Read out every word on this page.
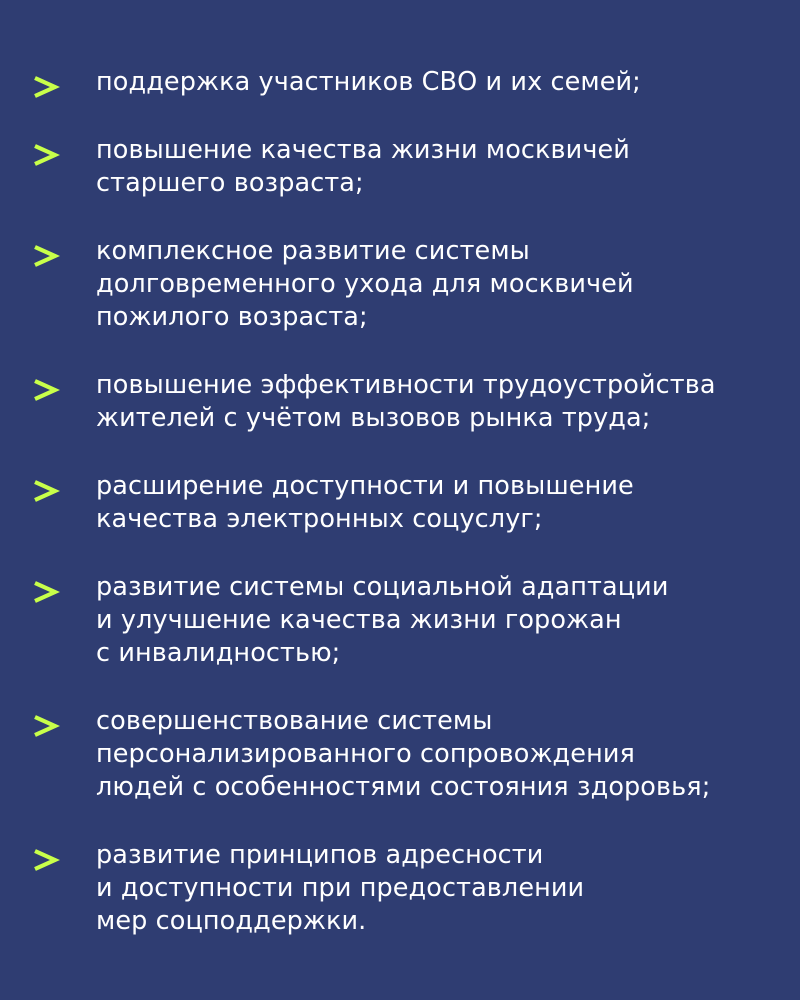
поддержка участников СВО и их семей;
повышение качества жизни москвичей
старшего возраста;
комплексное развитие системы
долговременного ухода для москвичей
пожилого возраста;
повышение эффективности трудоустройства
жителей с учётом вызовов рынка труда;
расширение доступности и повышение
качества электронных соцуслуг;
развитие системы социальной адаптации
и улучшение качества жизни горожан
с инвалидностью;
совершенствование системы
персонализированного сопровождения
людей с особенностями состояния здоровья;
развитие принципов адресности
и доступности при предоставлении
мер соцподдержки.
